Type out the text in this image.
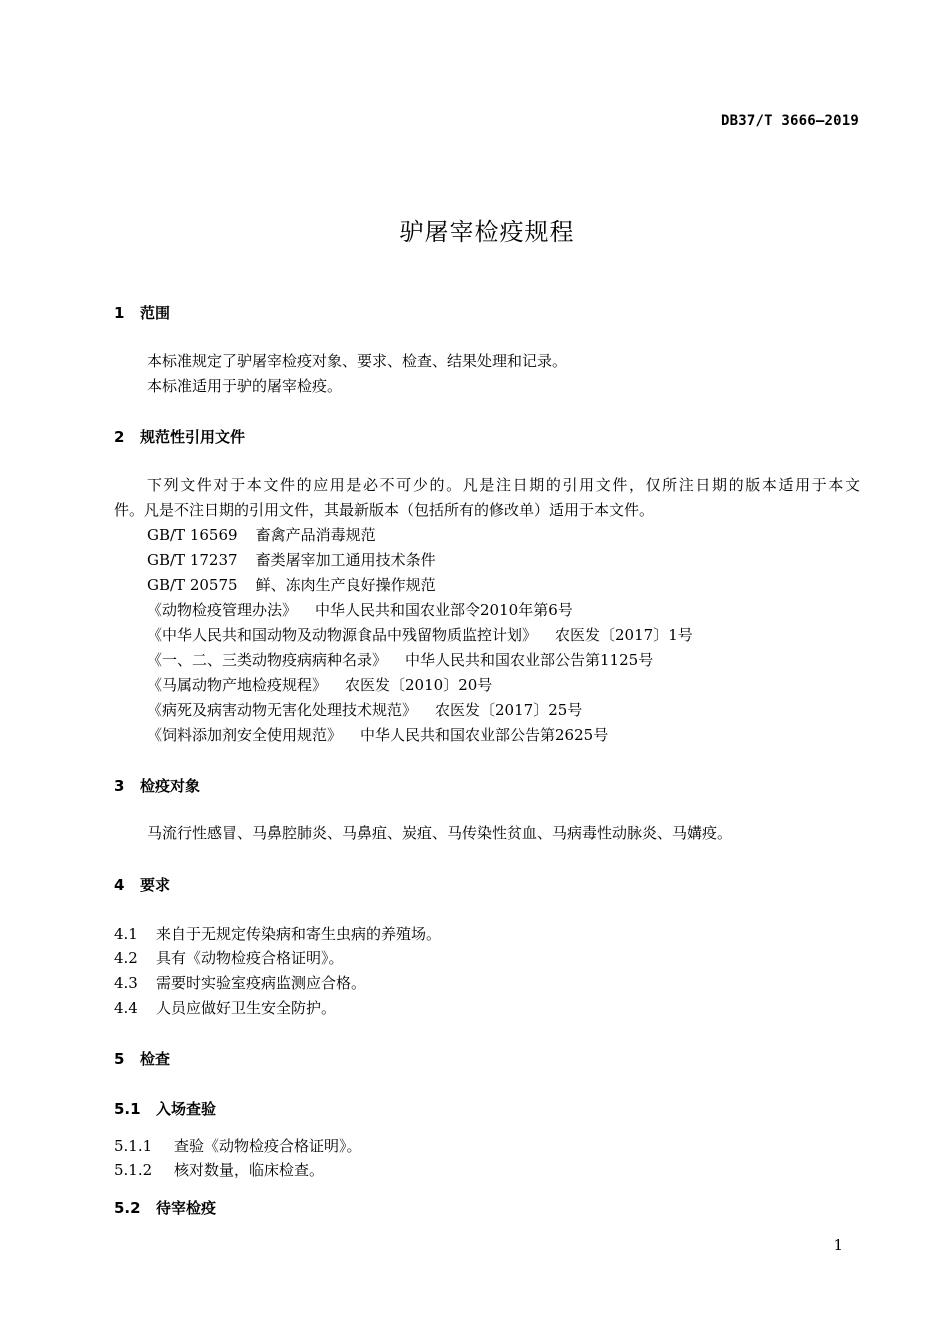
DB37/T 3666—2019
驴屠宰检疫规程
1 范围
本标准规定了驴屠宰检疫对象、要求、检查、结果处理和记录。
本标准适用于驴的屠宰检疫。
2 规范性引用文件
下列文件对于本文件的应用是必不可少的。凡是注日期的引用文件，仅所注日期的版本适用于本文
件。凡是不注日期的引用文件，其最新版本（包括所有的修改单）适用于本文件。
GB/T 16569 畜禽产品消毒规范
GB/T 17237 畜类屠宰加工通用技术条件
GB/T 20575 鲜、冻肉生产良好操作规范
《动物检疫管理办法》 中华人民共和国农业部令2010年第6号
《中华人民共和国动物及动物源食品中残留物质监控计划》 农医发〔2017〕1号
《一、二、三类动物疫病病种名录》 中华人民共和国农业部公告第1125号
《马属动物产地检疫规程》 农医发〔2010〕20号
《病死及病害动物无害化处理技术规范》 农医发〔2017〕25号
《饲料添加剂安全使用规范》 中华人民共和国农业部公告第2625号
3 检疫对象
马流行性感冒、马鼻腔肺炎、马鼻疽、炭疽、马传染性贫血、马病毒性动脉炎、马媾疫。
4 要求
4.1 来自于无规定传染病和寄生虫病的养殖场。
4.2 具有《动物检疫合格证明》。
4.3 需要时实验室疫病监测应合格。
4.4 人员应做好卫生安全防护。
5 检查
5.1 入场查验
5.1.1 查验《动物检疫合格证明》。
5.1.2 核对数量，临床检查。
5.2 待宰检疫
1
